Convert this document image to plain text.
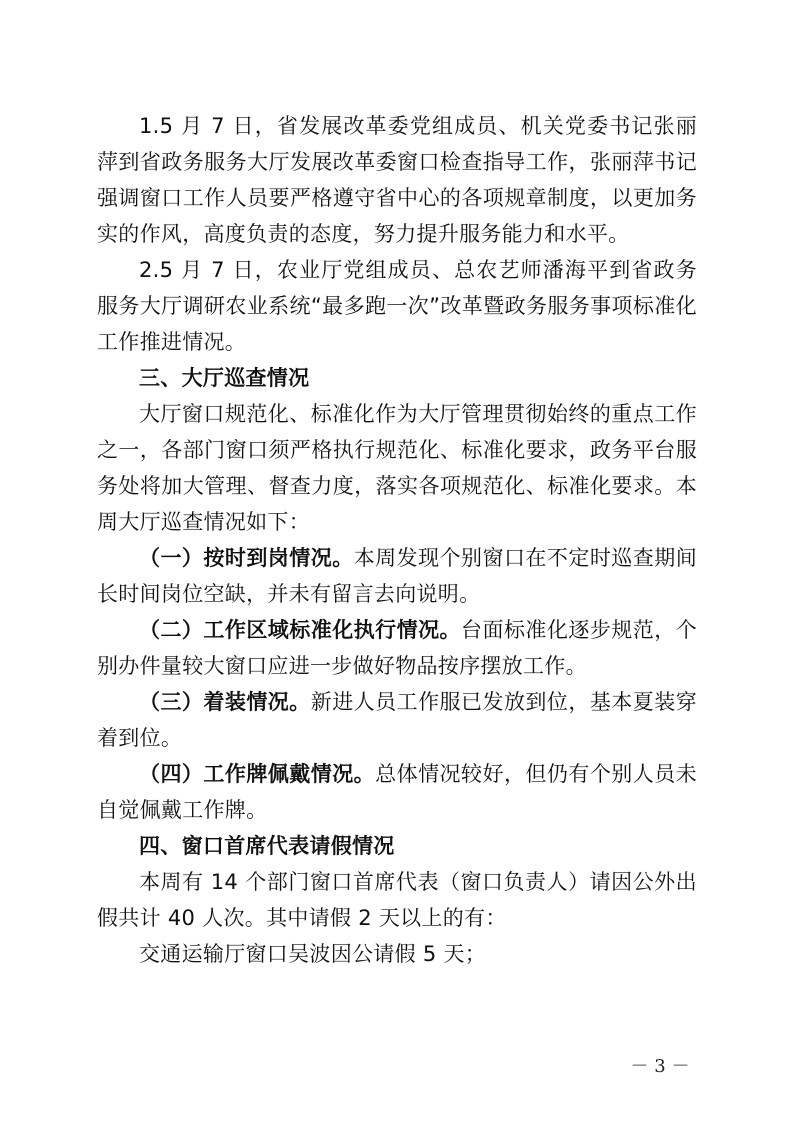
1.5 月 7 日，省发展改革委党组成员、机关党委书记张丽萍到省政务服务大厅发展改革委窗口检查指导工作，张丽萍书记强调窗口工作人员要严格遵守省中心的各项规章制度，以更加务实的作风，高度负责的态度，努力提升服务能力和水平。

2.5 月 7 日，农业厅党组成员、总农艺师潘海平到省政务服务大厅调研农业系统“最多跑一次”改革暨政务服务事项标准化工作推进情况。

三、大厅巡查情况

大厅窗口规范化、标准化作为大厅管理贯彻始终的重点工作之一，各部门窗口须严格执行规范化、标准化要求，政务平台服务处将加大管理、督查力度，落实各项规范化、标准化要求。本周大厅巡查情况如下：

（一）按时到岗情况。本周发现个别窗口在不定时巡查期间长时间岗位空缺，并未有留言去向说明。

（二）工作区域标准化执行情况。台面标准化逐步规范，个别办件量较大窗口应进一步做好物品按序摆放工作。

（三）着装情况。新进人员工作服已发放到位，基本夏装穿着到位。

（四）工作牌佩戴情况。总体情况较好，但仍有个别人员未自觉佩戴工作牌。

四、窗口首席代表请假情况

本周有 14 个部门窗口首席代表（窗口负责人）请因公外出假共计 40 人次。其中请假 2 天以上的有：

交通运输厅窗口吴波因公请假 5 天；

－ 3 －
